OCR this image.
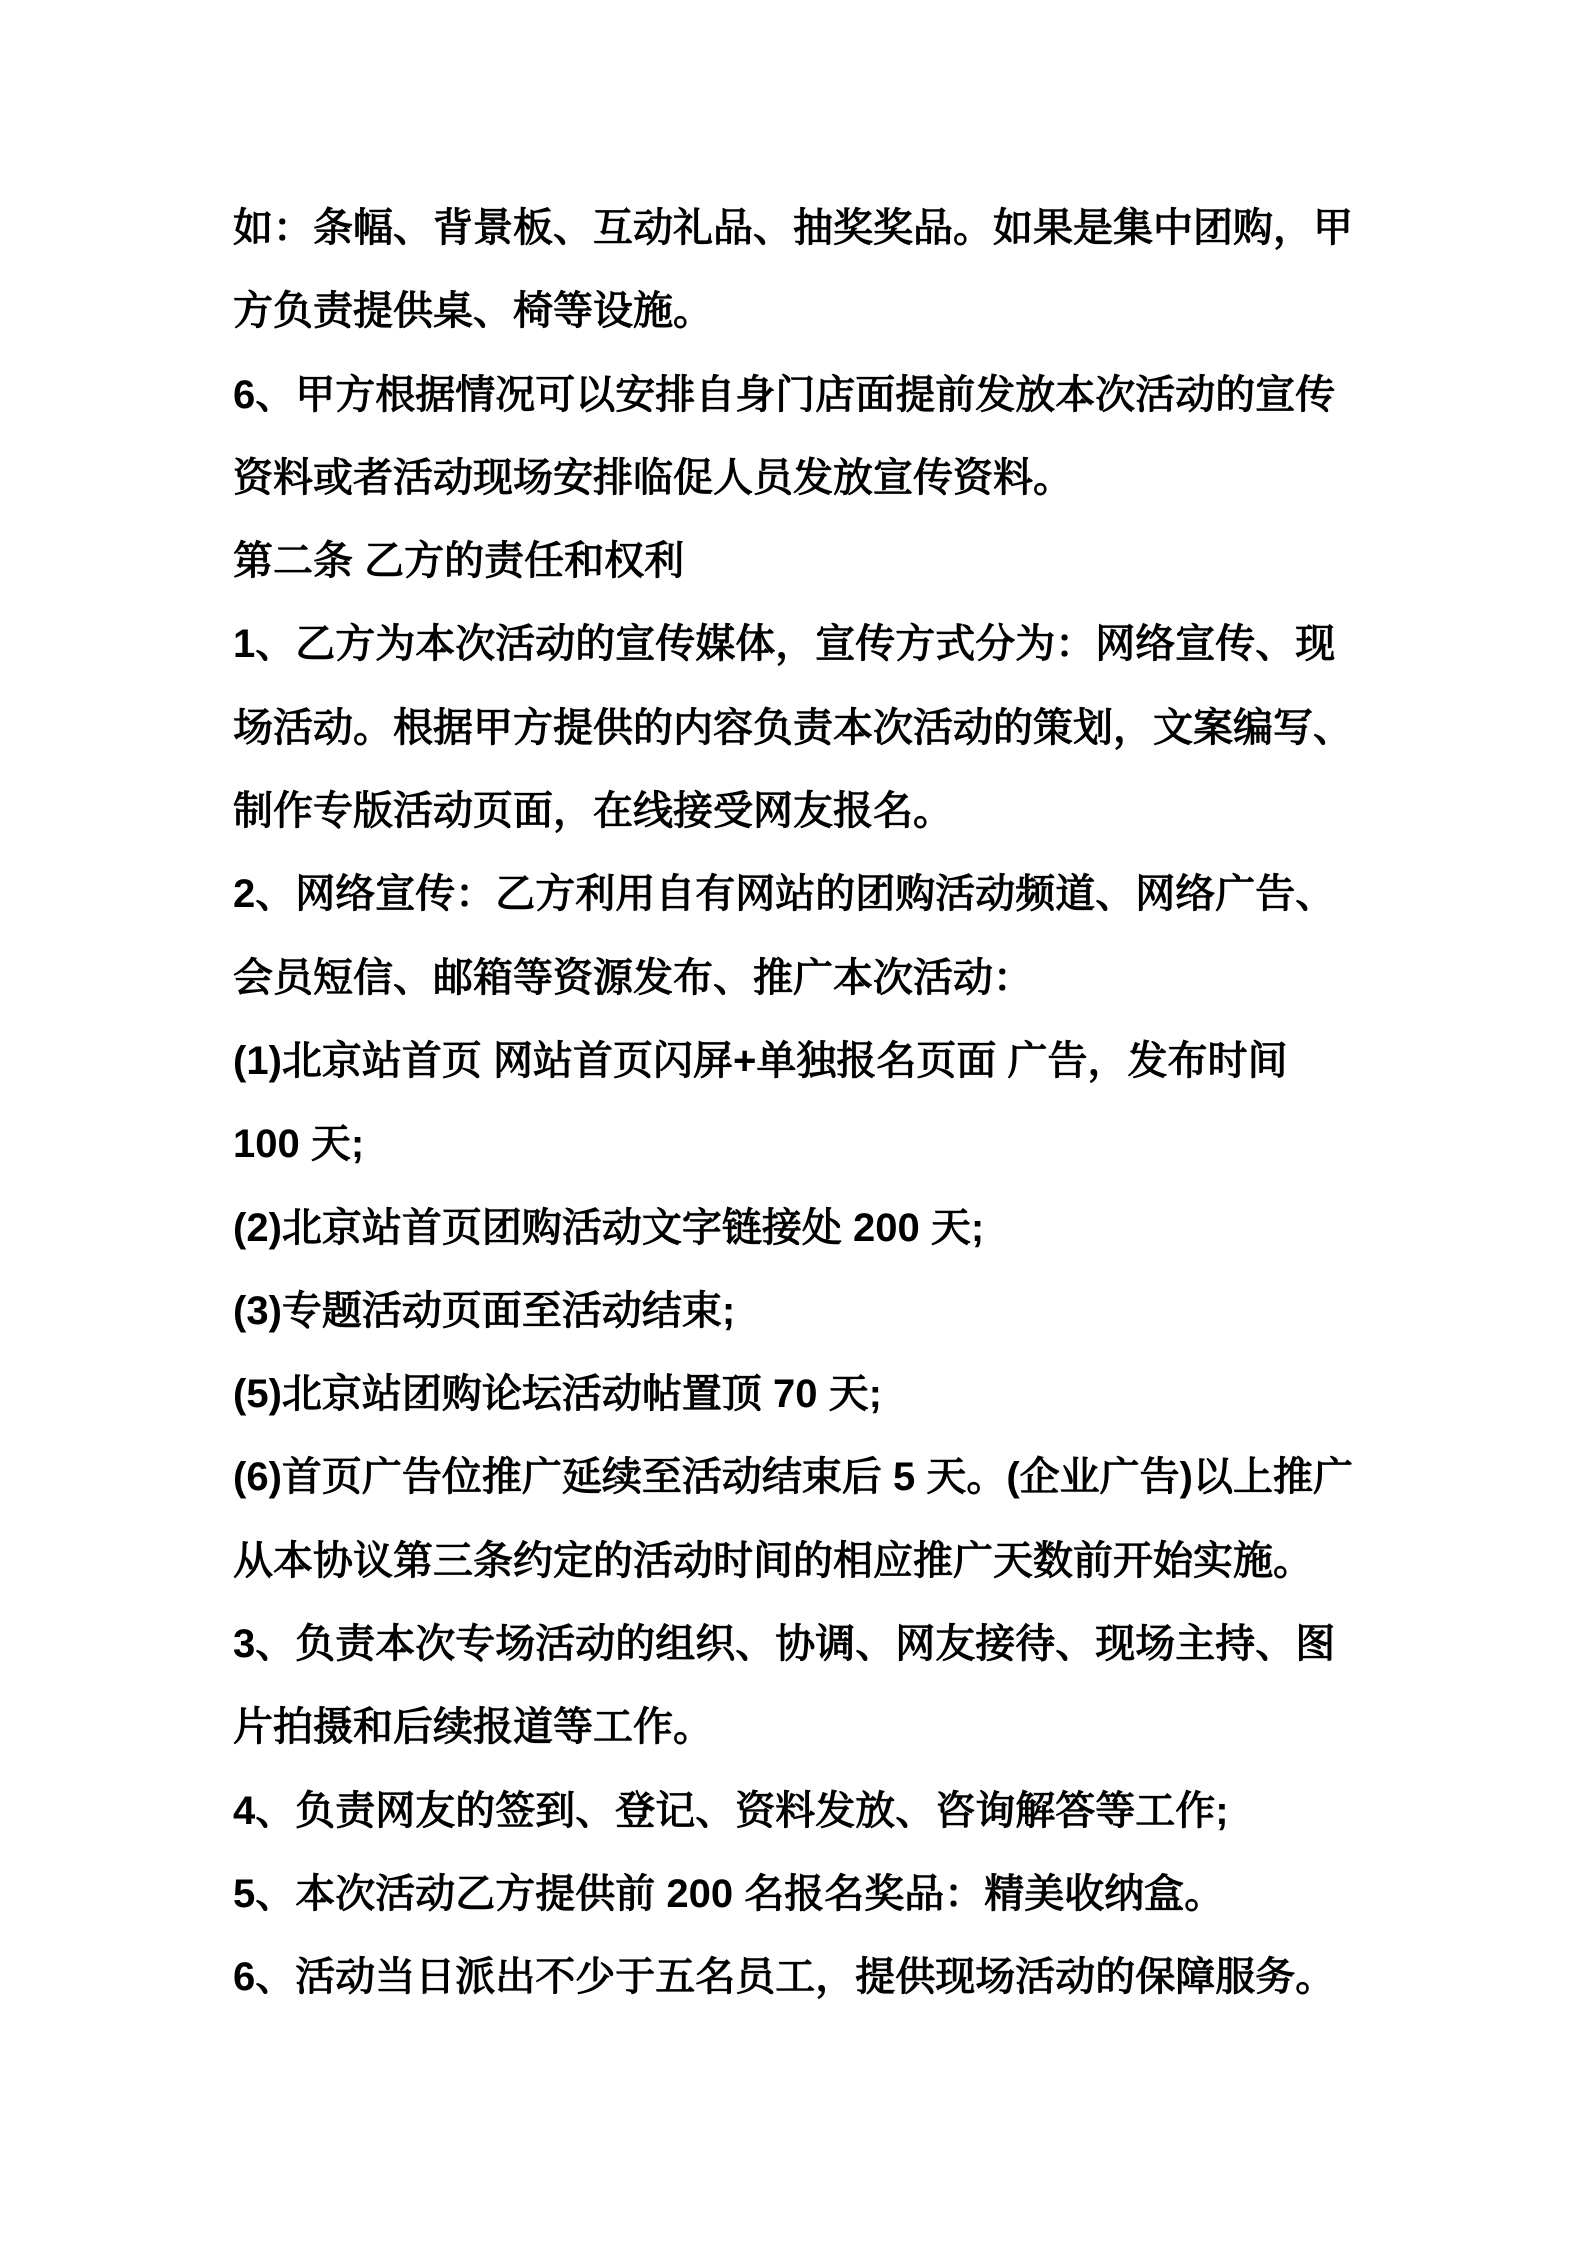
如：条幅、背景板、互动礼品、抽奖奖品。如果是集中团购，甲
方负责提供桌、椅等设施。
6、甲方根据情况可以安排自身门店面提前发放本次活动的宣传
资料或者活动现场安排临促人员发放宣传资料。
第二条 乙方的责任和权利
1、乙方为本次活动的宣传媒体，宣传方式分为：网络宣传、现
场活动。根据甲方提供的内容负责本次活动的策划，文案编写、
制作专版活动页面，在线接受网友报名。
2、网络宣传：乙方利用自有网站的团购活动频道、网络广告、
会员短信、邮箱等资源发布、推广本次活动：
(1)北京站首页 网站首页闪屏+单独报名页面 广告，发布时间
100 天;
(2)北京站首页团购活动文字链接处 200 天;
(3)专题活动页面至活动结束;
(5)北京站团购论坛活动帖置顶 70 天;
(6)首页广告位推广延续至活动结束后 5 天。(企业广告)以上推广
从本协议第三条约定的活动时间的相应推广天数前开始实施。
3、负责本次专场活动的组织、协调、网友接待、现场主持、图
片拍摄和后续报道等工作。
4、负责网友的签到、登记、资料发放、咨询解答等工作;
5、本次活动乙方提供前 200 名报名奖品：精美收纳盒。
6、活动当日派出不少于五名员工，提供现场活动的保障服务。
